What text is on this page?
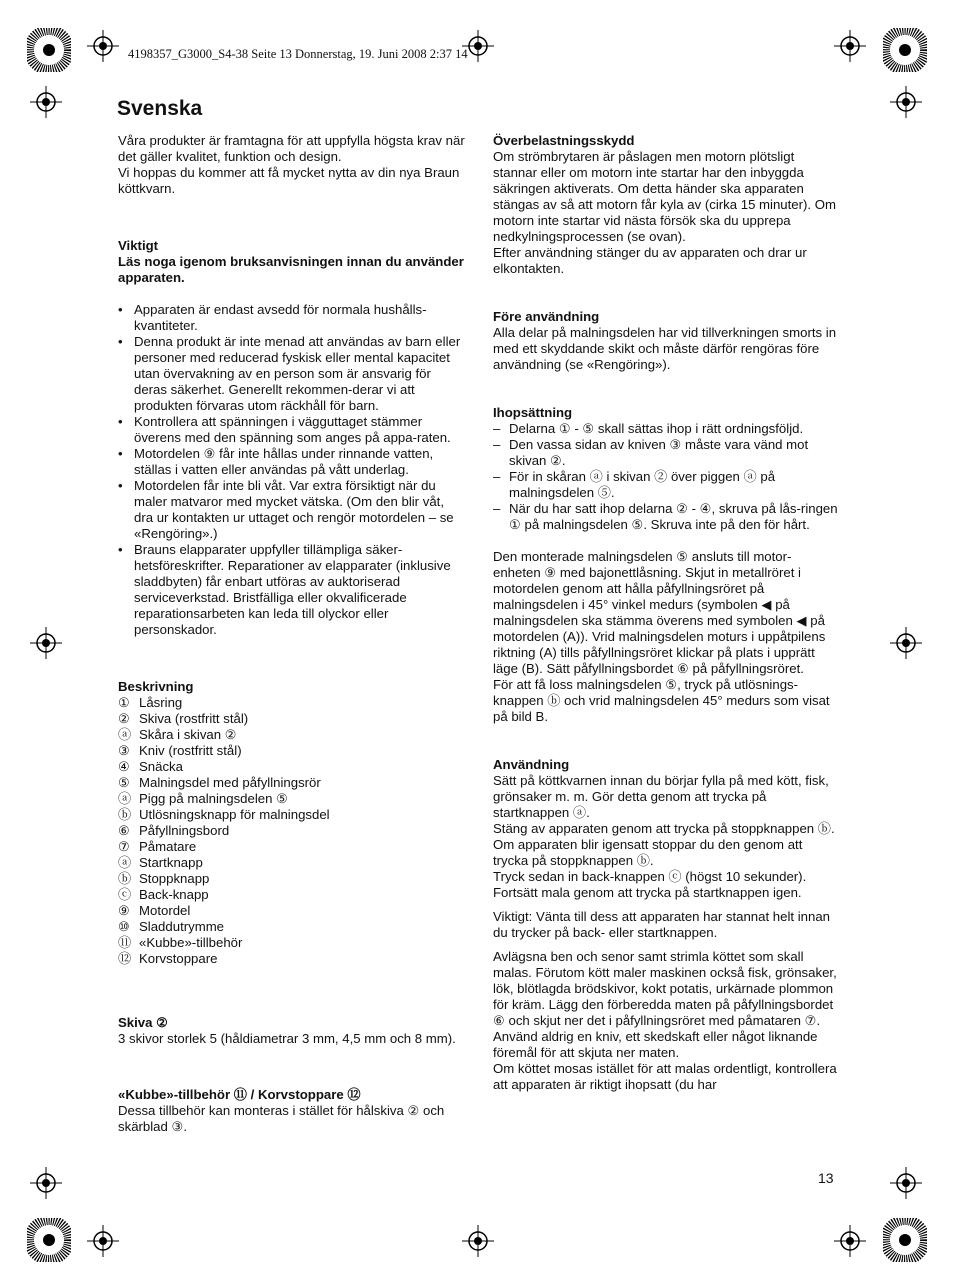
4198357_G3000_S4-38 Seite 13 Donnerstag, 19. Juni 2008 2:37 14
Svenska

Våra produkter är framtagna för att uppfylla högsta krav när det gäller kvalitet, funktion och design.

Vi hoppas du kommer att få mycket nytta av din nya Braun köttkvarn.

Viktigt

Läs noga igenom bruksanvisningen innan du använder apparaten.

• Apparaten är endast avsedd för normala hushålls-kvantiteter.
• Denna produkt är inte menad att användas av barn eller personer med reducerad fyskisk eller mental kapacitet utan övervakning av en person som är ansvarig för deras säkerhet. Generellt rekommen-derar vi att produkten förvaras utom räckhåll för barn.
• Kontrollera att spänningen i vägguttaget stämmer överens med den spänning som anges på appa-raten.
• Motordelen ⑨ får inte hållas under rinnande vatten, ställas i vatten eller användas på vått underlag.
• Motordelen får inte bli våt. Var extra försiktigt när du maler matvaror med mycket vätska. (Om den blir våt, dra ur kontakten ur uttaget och rengör motordelen – se «Rengöring».)
• Brauns elapparater uppfyller tillämpliga säker-hetsföreskrifter. Reparationer av elapparater (inklusive sladdbyten) får enbart utföras av auktoriserad serviceverkstad. Bristfälliga eller okvalificerade reparationsarbeten kan leda till olyckor eller personskador.

Beskrivning

① Låsring
② Skiva (rostfritt stål)
ⓐ Skåra i skivan ②
③ Kniv (rostfritt stål)
④ Snäcka
⑤ Malningsdel med påfyllningsrör
ⓐ Pigg på malningsdelen ⑤
ⓑ Utlösningsknapp för malningsdel
⑥ Påfyllningsbord
⑦ Påmatare
ⓐ Startknapp
ⓑ Stoppknapp
ⓒ Back-knapp
⑨ Motordel
⑩ Sladdutrymme
⑪ «Kubbe»-tillbehör
⑫ Korvstoppare

Skiva ②

3 skivor storlek 5 (håldiametrar 3 mm, 4,5 mm och 8 mm).

«Kubbe»-tillbehör ⑪ / Korvstoppare ⑫

Dessa tillbehör kan monteras i stället för hålskiva ② och skärblad ③.

Överbelastningsskydd

Om strömbrytaren är påslagen men motorn plötsligt stannar eller om motorn inte startar har den inbyggda säkringen aktiverats. Om detta händer ska apparaten stängas av så att motorn får kyla av (cirka 15 minuter). Om motorn inte startar vid nästa försök ska du upprepa nedkylningsprocessen (se ovan).

Efter användning stänger du av apparaten och drar ur elkontakten.

Före användning

Alla delar på malningsdelen har vid tillverkningen smorts in med ett skyddande skikt och måste därför rengöras före användning (se «Rengöring»).

Ihopsättning

– Delarna ① - ⑤ skall sättas ihop i rätt ordningsföljd.
– Den vassa sidan av kniven ③ måste vara vänd mot skivan ②.
– För in skåran ⓐ i skivan ② över piggen ⓐ på malningsdelen ⑤.
– När du har satt ihop delarna ② - ④, skruva på lås-ringen ① på malningsdelen ⑤. Skruva inte på den för hårt.

Den monterade malningsdelen ⑤ ansluts till motor-enheten ⑨ med bajonettlåsning. Skjut in metallröret i motordelen genom att hålla påfyllningsröret på malningsdelen i 45° vinkel medurs (symbolen ◀ på malningsdelen ska stämma överens med symbolen ◀ på motordelen (A)). Vrid malningsdelen moturs i uppåtpilens riktning (A) tills påfyllningsröret klickar på plats i upprätt läge (B). Sätt påfyllningsbordet ⑥ på påfyllningsröret.

För att få loss malningsdelen ⑤, tryck på utlösnings-knappen ⓑ och vrid malningsdelen 45° medurs som visat på bild B.

Användning

Sätt på köttkvarnen innan du börjar fylla på med kött, fisk, grönsaker m. m. Gör detta genom att trycka på startknappen ⓐ.

Stäng av apparaten genom att trycka på stoppknappen ⓑ.

Om apparaten blir igensatt stoppar du den genom att trycka på stoppknappen ⓑ.

Tryck sedan in back-knappen ⓒ (högst 10 sekunder). Fortsätt mala genom att trycka på startknappen igen.

Viktigt: Vänta till dess att apparaten har stannat helt innan du trycker på back- eller startknappen.

Avlägsna ben och senor samt strimla köttet som skall malas. Förutom kött maler maskinen också fisk, grönsaker, lök, blötlagda brödskivor, kokt potatis, urkärnade plommon för kräm. Lägg den förberedda maten på påfyllningsbordet ⑥ och skjut ner det i påfyllningsröret med påmataren ⑦. Använd aldrig en kniv, ett skedskaft eller något liknande föremål för att skjuta ner maten.

Om köttet mosas istället för att malas ordentligt, kontrollera att apparaten är riktigt ihopsatt (du har

13
